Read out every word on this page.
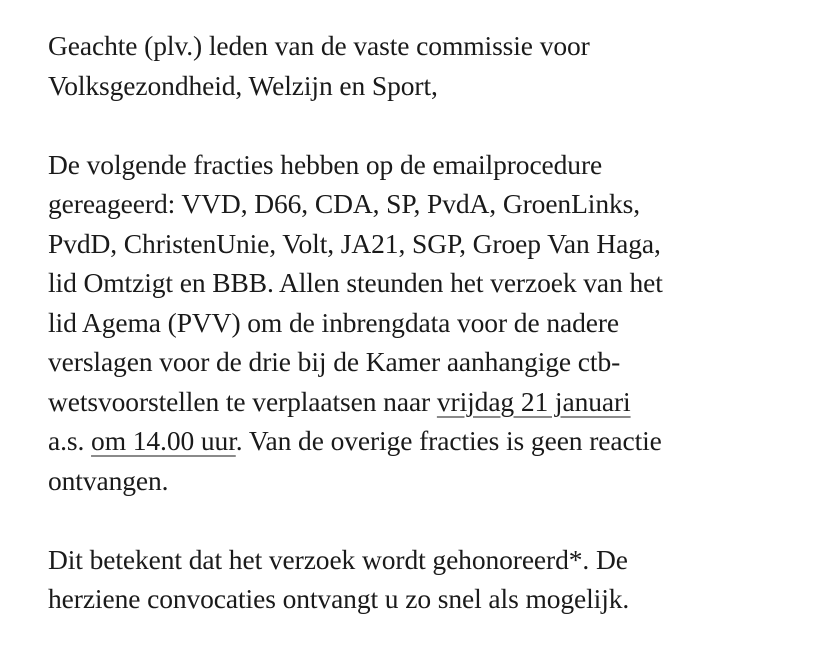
Geachte (plv.) leden van de vaste commissie voor
Volksgezondheid, Welzijn en Sport,

De volgende fracties hebben op de emailprocedure
gereageerd: VVD, D66, CDA, SP, PvdA, GroenLinks,
PvdD, ChristenUnie, Volt, JA21, SGP, Groep Van Haga,
lid Omtzigt en BBB. Allen steunden het verzoek van het
lid Agema (PVV) om de inbrengdata voor de nadere
verslagen voor de drie bij de Kamer aanhangige ctb-
wetsvoorstellen te verplaatsen naar vrijdag 21 januari
a.s. om 14.00 uur. Van de overige fracties is geen reactie
ontvangen.

Dit betekent dat het verzoek wordt gehonoreerd*. De
herziene convocaties ontvangt u zo snel als mogelijk.
